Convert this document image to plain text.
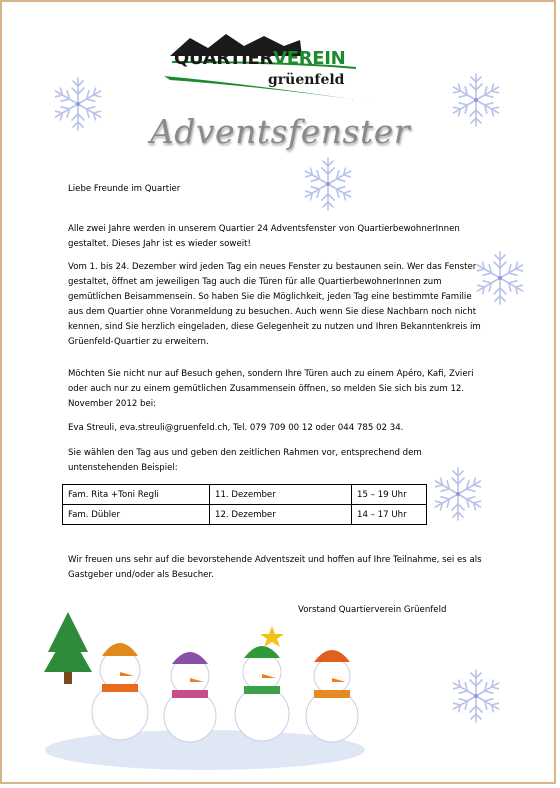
QUARTIERVEREIN
grüenfeld
Adventsfenster
Liebe Freunde im Quartier
Alle zwei Jahre werden in unserem Quartier 24 Adventsfenster von QuartierbewohnerInnen gestaltet. Dieses Jahr ist es wieder soweit!
Vom 1. bis 24. Dezember wird jeden Tag ein neues Fenster zu bestaunen sein. Wer das Fenster gestaltet, öffnet am jeweiligen Tag auch die Türen für alle QuartierbewohnerInnen zum gemütlichen Beisammensein. So haben Sie die Möglichkeit, jeden Tag eine bestimmte Familie aus dem Quartier ohne Voranmeldung zu besuchen. Auch wenn Sie diese Nachbarn noch nicht kennen, sind Sie herzlich eingeladen, diese Gelegenheit zu nutzen und Ihren Bekanntenkreis im Grüenfeld-Quartier zu erweitern.
Möchten Sie nicht nur auf Besuch gehen, sondern Ihre Türen auch zu einem Apéro, Kafi, Zvieri oder auch nur zu einem gemütlichen Zusammensein öffnen, so melden Sie sich bis zum 12. November 2012 bei:
Eva Streuli, eva.streuli@gruenfeld.ch, Tel. 079 709 00 12 oder 044 785 02 34.
Sie wählen den Tag aus und geben den zeitlichen Rahmen vor, entsprechend dem untenstehenden Beispiel:
Fam. Rita +Toni Regli	11. Dezember	15 – 19 Uhr
Fam. Dübler	12. Dezember	14 – 17 Uhr
Wir freuen uns sehr auf die bevorstehende Adventszeit und hoffen auf Ihre Teilnahme, sei es als Gastgeber und/oder als Besucher.
Vorstand Quartierverein Grüenfeld
